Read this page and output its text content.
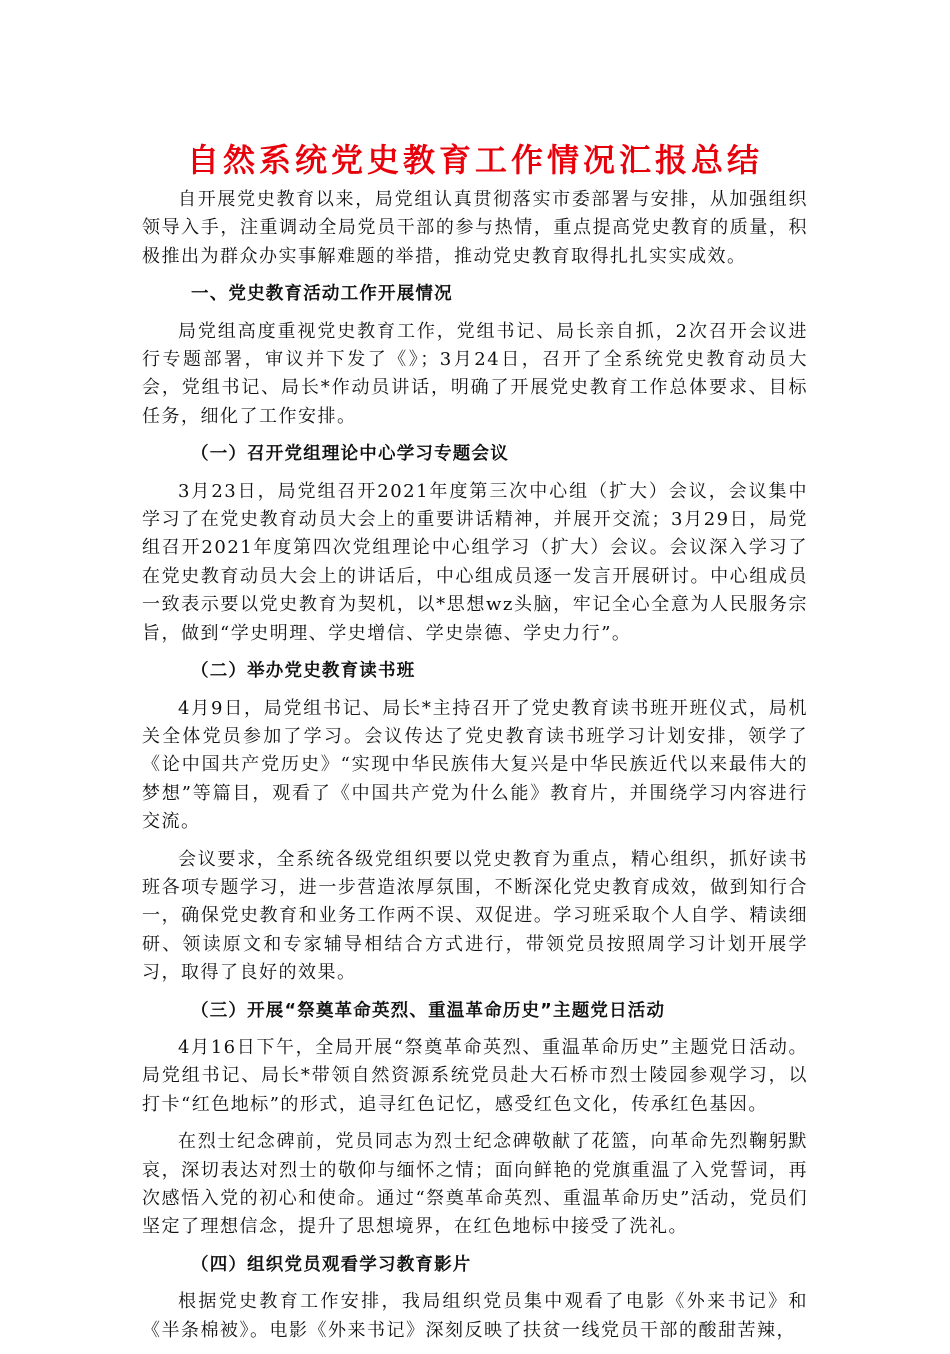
自然系统党史教育工作情况汇报总结

自开展党史教育以来，局党组认真贯彻落实市委部署与安排，从加强组织领导入手，注重调动全局党员干部的参与热情，重点提高党史教育的质量，积极推出为群众办实事解难题的举措，推动党史教育取得扎扎实实成效。

一、党史教育活动工作开展情况

局党组高度重视党史教育工作，党组书记、局长亲自抓，2次召开会议进行专题部署，审议并下发了《》；3月24日，召开了全系统党史教育动员大会，党组书记、局长*作动员讲话，明确了开展党史教育工作总体要求、目标任务，细化了工作安排。

（一）召开党组理论中心学习专题会议

3月23日，局党组召开2021年度第三次中心组（扩大）会议，会议集中学习了在党史教育动员大会上的重要讲话精神，并展开交流；3月29日，局党组召开2021年度第四次党组理论中心组学习（扩大）会议。会议深入学习了在党史教育动员大会上的讲话后，中心组成员逐一发言开展研讨。中心组成员一致表示要以党史教育为契机，以*思想wz头脑，牢记全心全意为人民服务宗旨，做到“学史明理、学史增信、学史崇德、学史力行”。

（二）举办党史教育读书班

4月9日，局党组书记、局长*主持召开了党史教育读书班开班仪式，局机关全体党员参加了学习。会议传达了党史教育读书班学习计划安排，领学了《论中国共产党历史》“实现中华民族伟大复兴是中华民族近代以来最伟大的梦想”等篇目，观看了《中国共产党为什么能》教育片，并围绕学习内容进行交流。

会议要求，全系统各级党组织要以党史教育为重点，精心组织，抓好读书班各项专题学习，进一步营造浓厚氛围，不断深化党史教育成效，做到知行合一，确保党史教育和业务工作两不误、双促进。学习班采取个人自学、精读细研、领读原文和专家辅导相结合方式进行，带领党员按照周学习计划开展学习，取得了良好的效果。

（三）开展“祭奠革命英烈、重温革命历史”主题党日活动

4月16日下午，全局开展“祭奠革命英烈、重温革命历史”主题党日活动。局党组书记、局长*带领自然资源系统党员赴大石桥市烈士陵园参观学习，以打卡“红色地标”的形式，追寻红色记忆，感受红色文化，传承红色基因。

在烈士纪念碑前，党员同志为烈士纪念碑敬献了花篮，向革命先烈鞠躬默哀，深切表达对烈士的敬仰与缅怀之情；面向鲜艳的党旗重温了入党誓词，再次感悟入党的初心和使命。通过“祭奠革命英烈、重温革命历史”活动，党员们坚定了理想信念，提升了思想境界，在红色地标中接受了洗礼。

（四）组织党员观看学习教育影片

根据党史教育工作安排，我局组织党员集中观看了电影《外来书记》和《半条棉被》。电影《外来书记》深刻反映了扶贫一线党员干部的酸甜苦辣，
